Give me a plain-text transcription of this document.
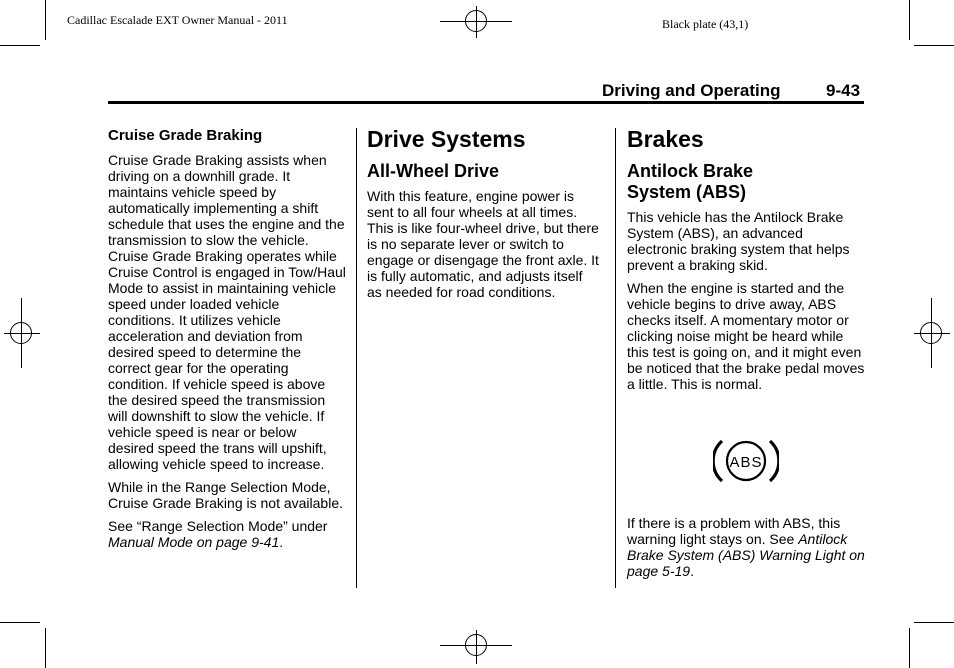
Cadillac Escalade EXT Owner Manual - 2011	Black plate (43,1)
Driving and Operating	9-43
Cruise Grade Braking

Cruise Grade Braking assists when driving on a downhill grade. It maintains vehicle speed by automatically implementing a shift schedule that uses the engine and the transmission to slow the vehicle. Cruise Grade Braking operates while Cruise Control is engaged in Tow/Haul Mode to assist in maintaining vehicle speed under loaded vehicle conditions. It utilizes vehicle acceleration and deviation from desired speed to determine the correct gear for the operating condition. If vehicle speed is above the desired speed the transmission will downshift to slow the vehicle. If vehicle speed is near or below desired speed the trans will upshift, allowing vehicle speed to increase.

While in the Range Selection Mode, Cruise Grade Braking is not available.

See “Range Selection Mode” under Manual Mode on page 9-41.

Drive Systems
All-Wheel Drive

With this feature, engine power is sent to all four wheels at all times. This is like four-wheel drive, but there is no separate lever or switch to engage or disengage the front axle. It is fully automatic, and adjusts itself as needed for road conditions.

Brakes
Antilock Brake System (ABS)

This vehicle has the Antilock Brake System (ABS), an advanced electronic braking system that helps prevent a braking skid.

When the engine is started and the vehicle begins to drive away, ABS checks itself. A momentary motor or clicking noise might be heard while this test is going on, and it might even be noticed that the brake pedal moves a little. This is normal.

If there is a problem with ABS, this warning light stays on. See Antilock Brake System (ABS) Warning Light on page 5-19.

ABS
